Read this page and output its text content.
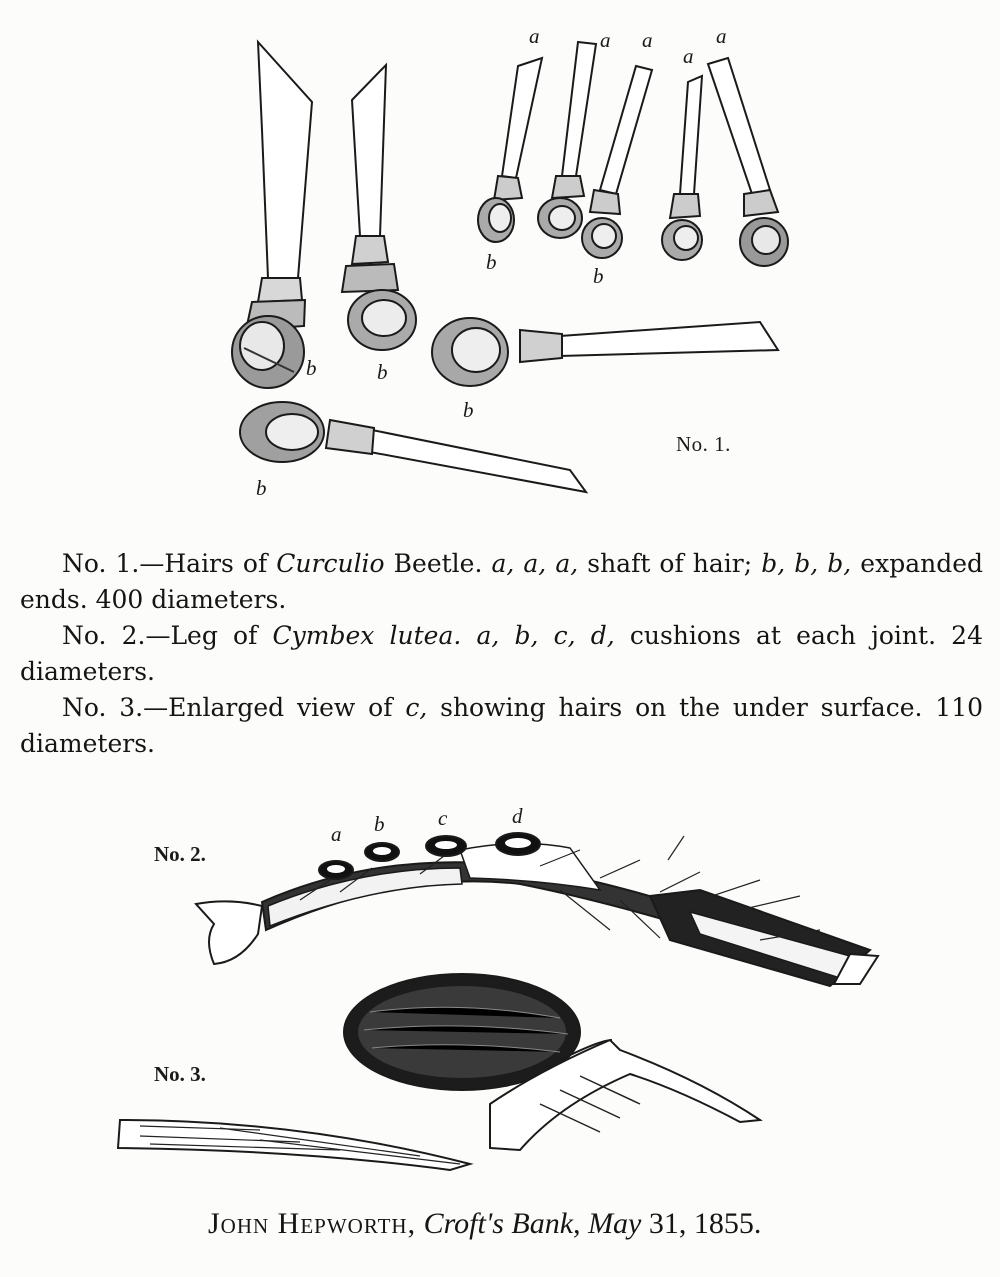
a	a a
a
a
b
b
b	b
b
b
No. 1.

No. 1.—Hairs of Curculio Beetle. a, a, a, shaft of hair; b, b, b, expanded ends. 400 diameters.

No. 2.—Leg of Cymbex lutea. a, b, c, d, cushions at each joint. 24 diameters.

No. 3.—Enlarged view of c, showing hairs on the under surface. 110 diameters.

a b	c	d
No. 2.
No. 3.
John Hepworth, Croft's Bank, May 31, 1855.
